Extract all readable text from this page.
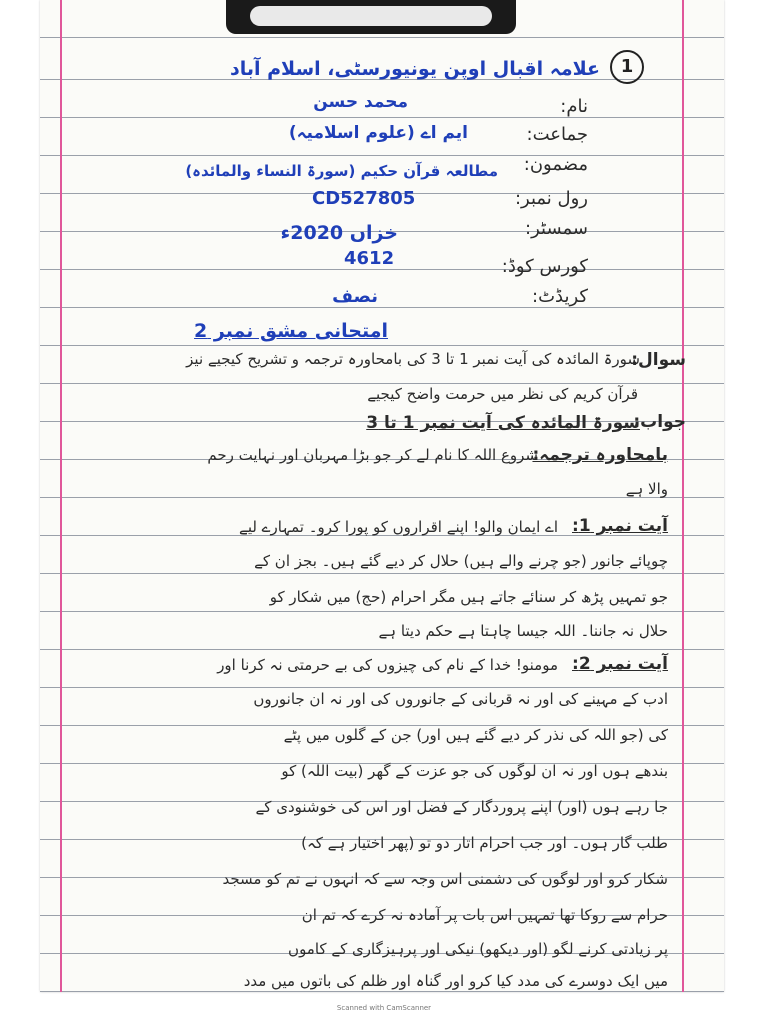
1
علامہ اقبال اوپن یونیورسٹی، اسلام آباد
نام:
محمد حسن
جماعت:
ایم اے (علوم اسلامیہ)
مضمون:
مطالعہ قرآن حکیم (سورۃ النساء والمائدہ)
رول نمبر:
CD527805
سمسٹر:
خزاں 2020ء
کورس کوڈ:
4612
کریڈٹ:
نصف
امتحانی مشق نمبر 2
سوال:
سورۃ المائدہ کی آیت نمبر 1 تا 3 کی بامحاورہ ترجمہ و تشریح کیجیے نیز
قرآن کریم کی نظر میں حرمت واضح کیجیے
جواب:
سورۃ المائدہ کی آیت نمبر 1 تا 3
بامحاورہ ترجمہ:
شروع اللہ کا نام لے کر جو بڑا مہربان اور نہایت رحم
والا ہے
آیت نمبر 1:
اے ایمان والو! اپنے اقراروں کو پورا کرو۔ تمہارے لیے
چوپائے جانور (جو چرنے والے ہیں) حلال کر دیے گئے ہیں۔ بجز ان کے
جو تمہیں پڑھ کر سنائے جاتے ہیں مگر احرام (حج) میں شکار کو
حلال نہ جاننا۔ اللہ جیسا چاہتا ہے حکم دیتا ہے
آیت نمبر 2:
مومنو! خدا کے نام کی چیزوں کی بے حرمتی نہ کرنا اور
ادب کے مہینے کی اور نہ قربانی کے جانوروں کی اور نہ ان جانوروں
کی (جو اللہ کی نذر کر دیے گئے ہیں اور) جن کے گلوں میں پٹے
بندھے ہوں اور نہ ان لوگوں کی جو عزت کے گھر (بیت اللہ) کو
جا رہے ہوں (اور) اپنے پروردگار کے فضل اور اس کی خوشنودی کے
طلب گار ہوں۔ اور جب احرام اتار دو تو (پھر اختیار ہے کہ)
شکار کرو اور لوگوں کی دشمنی اس وجہ سے کہ انہوں نے تم کو مسجد
حرام سے روکا تھا تمہیں اس بات پر آمادہ نہ کرے کہ تم ان
پر زیادتی کرنے لگو (اور دیکھو) نیکی اور پرہیزگاری کے کاموں
میں ایک دوسرے کی مدد کیا کرو اور گناہ اور ظلم کی باتوں میں مدد
Scanned with CamScanner
